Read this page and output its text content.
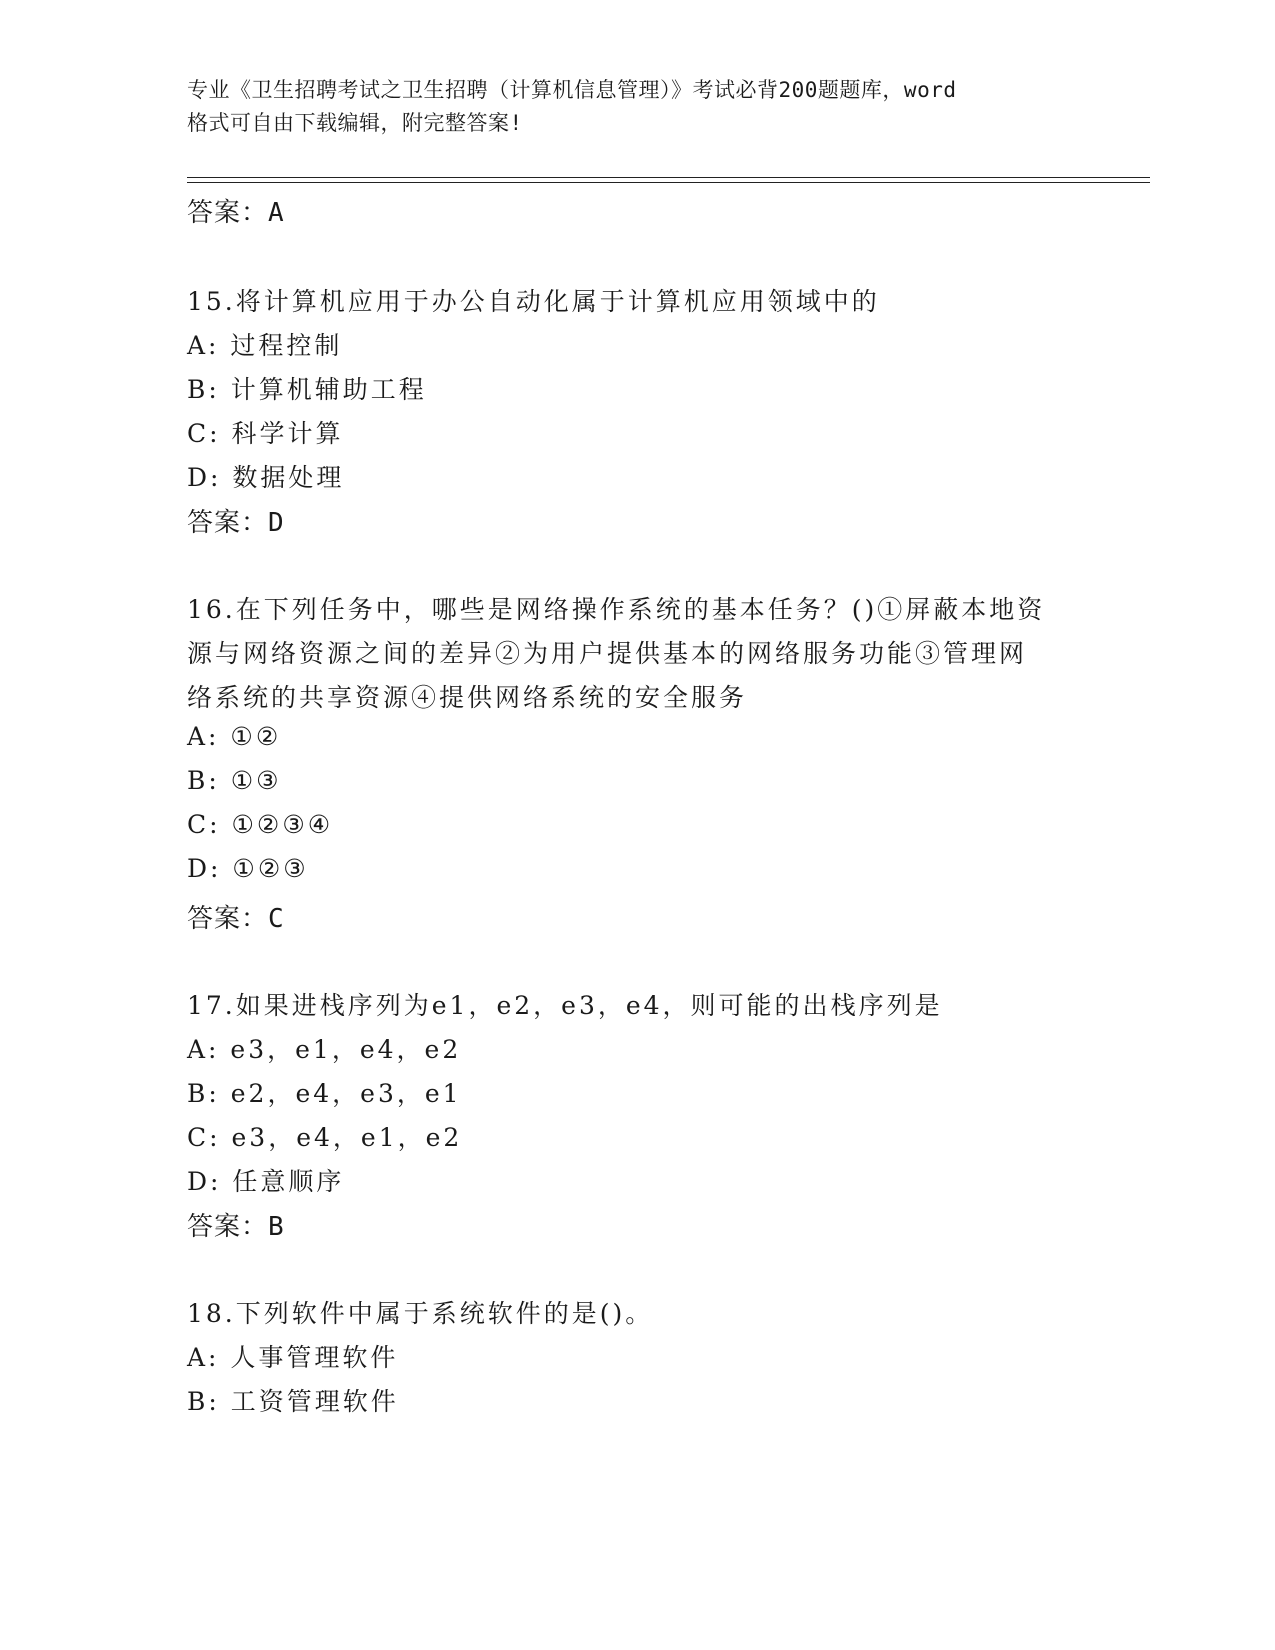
专业《卫生招聘考试之卫生招聘（计算机信息管理）》考试必背200题题库，word
格式可自由下载编辑，附完整答案!
答案：A
15.将计算机应用于办公自动化属于计算机应用领域中的
A: 过程控制
B: 计算机辅助工程
C: 科学计算
D: 数据处理
答案：D
16.在下列任务中，哪些是网络操作系统的基本任务？()①屏蔽本地资
源与网络资源之间的差异②为用户提供基本的网络服务功能③管理网
络系统的共享资源④提供网络系统的安全服务
A: ①②
B: ①③
C: ①②③④
D: ①②③
答案：C
17.如果进栈序列为e1，e2，e3，e4，则可能的出栈序列是
A: e3，e1，e4，e2
B: e2，e4，e3，e1
C: e3，e4，e1，e2
D: 任意顺序
答案：B
18.下列软件中属于系统软件的是()。
A: 人事管理软件
B: 工资管理软件
